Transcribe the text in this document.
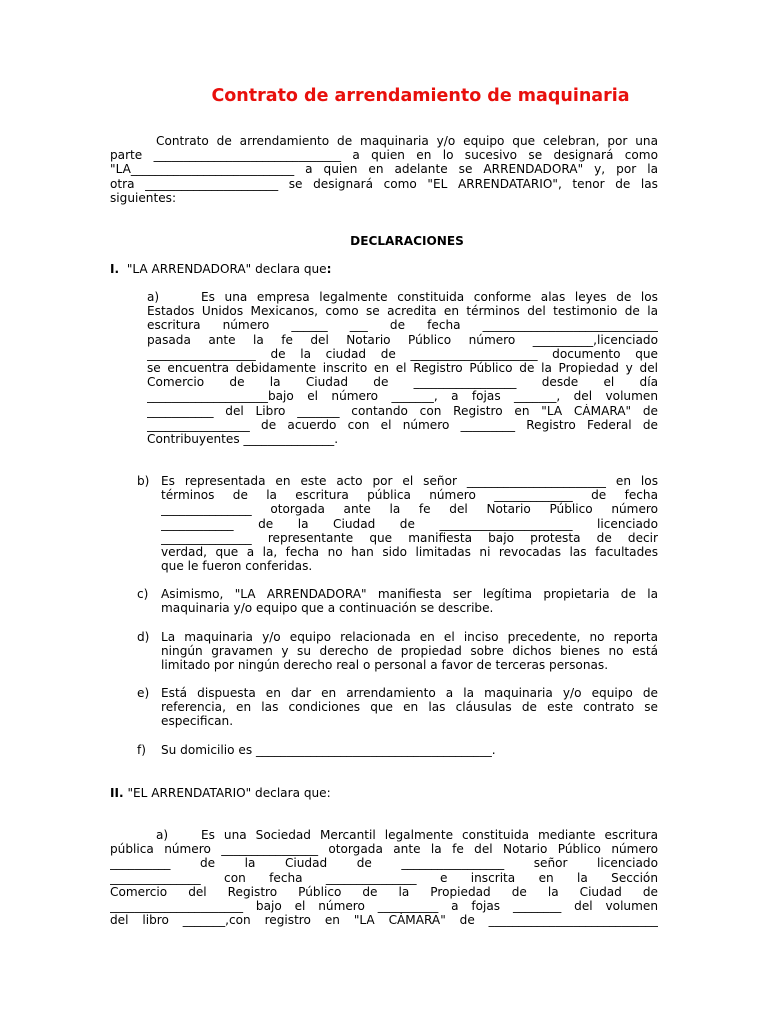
Contrato de arrendamiento de maquinaria
Contrato de arrendamiento de maquinaria y/o equipo que celebran, por una
parte _______________________________ a quien en lo sucesivo se designará como
"LA___________________________ a quien en adelante se ARRENDADORA" y, por la
otra ______________________ se designará como "EL ARRENDATARIO", tenor de las
siguientes:
DECLARACIONES
I. "LA ARRENDADORA" declara que:
a)	Es una empresa legalmente constituida conforme alas leyes de los
Estados Unidos Mexicanos, como se acredita en términos del testimonio de la
escritura número ______ ___ de fecha _____________________________
pasada ante la fe del Notario Público número __________,licenciado
__________________ de la ciudad de _____________________ documento que
se encuentra debidamente inscrito en el Registro Público de la Propiedad y del
Comercio de la Ciudad de _________________ desde el día
____________________bajo el número _______, a fojas _______, del volumen
___________ del Libro _______ contando con Registro en "LA CÁMARA" de
_________________ de acuerdo con el número _________ Registro Federal de
Contribuyentes _______________.
b) Es representada en este acto por el señor _______________________ en los
términos de la escritura pública número _____________ de fecha
_______________ otorgada ante la fe del Notario Público número
____________ de la Ciudad de ______________________ licenciado
_______________ representante que manifiesta bajo protesta de decir
verdad, que a la, fecha no han sido limitadas ni revocadas las facultades
que le fueron conferidas.
c) Asimismo, "LA ARRENDADORA" manifiesta ser legítima propietaria de la
maquinaria y/o equipo que a continuación se describe.
d) La maquinaria y/o equipo relacionada en el inciso precedente, no reporta
ningún gravamen y su derecho de propiedad sobre dichos bienes no está
limitado por ningún derecho real o personal a favor de terceras personas.
e) Está dispuesta en dar en arrendamiento a la maquinaria y/o equipo de
referencia, en las condiciones que en las cláusulas de este contrato se
especifican.
f) Su domicilio es _______________________________________.
II. "EL ARRENDATARIO" declara que:
a)	Es una Sociedad Mercantil legalmente constituida mediante escritura
pública número ________________ otorgada ante la fe del Notario Público número
__________ de la Ciudad de _________________ señor licenciado
_______________ con fecha _______________ e inscrita en la Sección
Comercio del Registro Público de la Propiedad de la Ciudad de
______________________ bajo el número __________ a fojas ________ del volumen
del libro _______,con registro en "LA CÁMARA" de ____________________________
